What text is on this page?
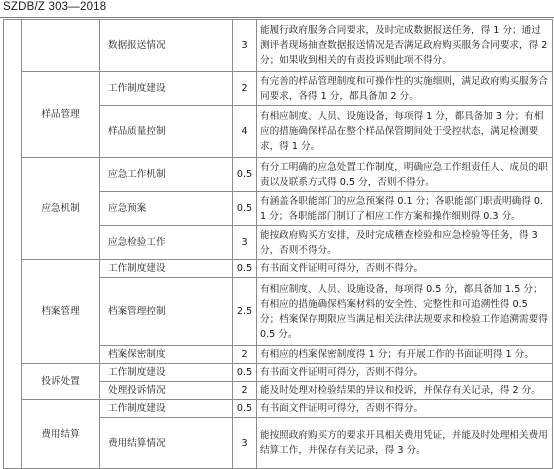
SZDB/Z 303—2018
		数据报送情况	3	能履行政府服务合同要求，及时完成数据报送任务，得 1 分；通过测评者现场抽查数据报送情况是否满足政府购买服务合同要求，得 2 分；如果收到相关的有责投诉则此项不得分。
	样品管理	工作制度建设	2	有完善的样品管理制度和可操作性的实施细则，满足政府购买服务合同要求，各得 1 分，都具备加 2 分。
		样品质量控制	4	有相应制度、人员、设施设备，每项得 1 分，都具备加 3 分；有相应的措施确保样品在整个样品保管期间处于受控状态，满足检测要求，得 1 分。
	应急机制	应急工作机制	0.5	有分工明确的应急处置工作制度，明确应急工作组责任人、成员的职责以及联系方式得 0.5 分，否则不得分。
		应急预案	0.5	有涵盖各职能部门的应急预案得 0.1 分；各职能部门职责明确得 0.1 分；各职能部门制订了相应工作方案和操作细则得 0.3 分。
		应急检验工作	3	能按政府购买方安排，及时完成稽查检验和应急检验等任务，得 3 分，否则不得分。
	档案管理	工作制度建设	0.5	有书面文件证明可得分，否则不得分。
		档案管理控制	2.5	有相应制度、人员、设施设备，每项得 0.5 分，都具备加 1.5 分；有相应的措施确保档案材料的安全性、完整性和可追溯性得 0.5 分；档案保存期限应当满足相关法律法规要求和检验工作追溯需要得 0.5 分。
		档案保密制度	2	有相应的档案保密制度得 1 分；有开展工作的书面证明得 1 分。
	投诉处置	工作制度建设	0.5	有书面文件证明可得分，否则不得分。
		处理投诉情况	2	能及时处理对检验结果的异议和投诉，并保存有关记录，得 2 分。
	费用结算	工作制度建设	0.5	有书面文件证明可得分，否则不得分。
		费用结算情况	3	能按照政府购买方的要求开具相关费用凭证，并能及时处理相关费用结算工作，并保存有关记录，得 3 分。
